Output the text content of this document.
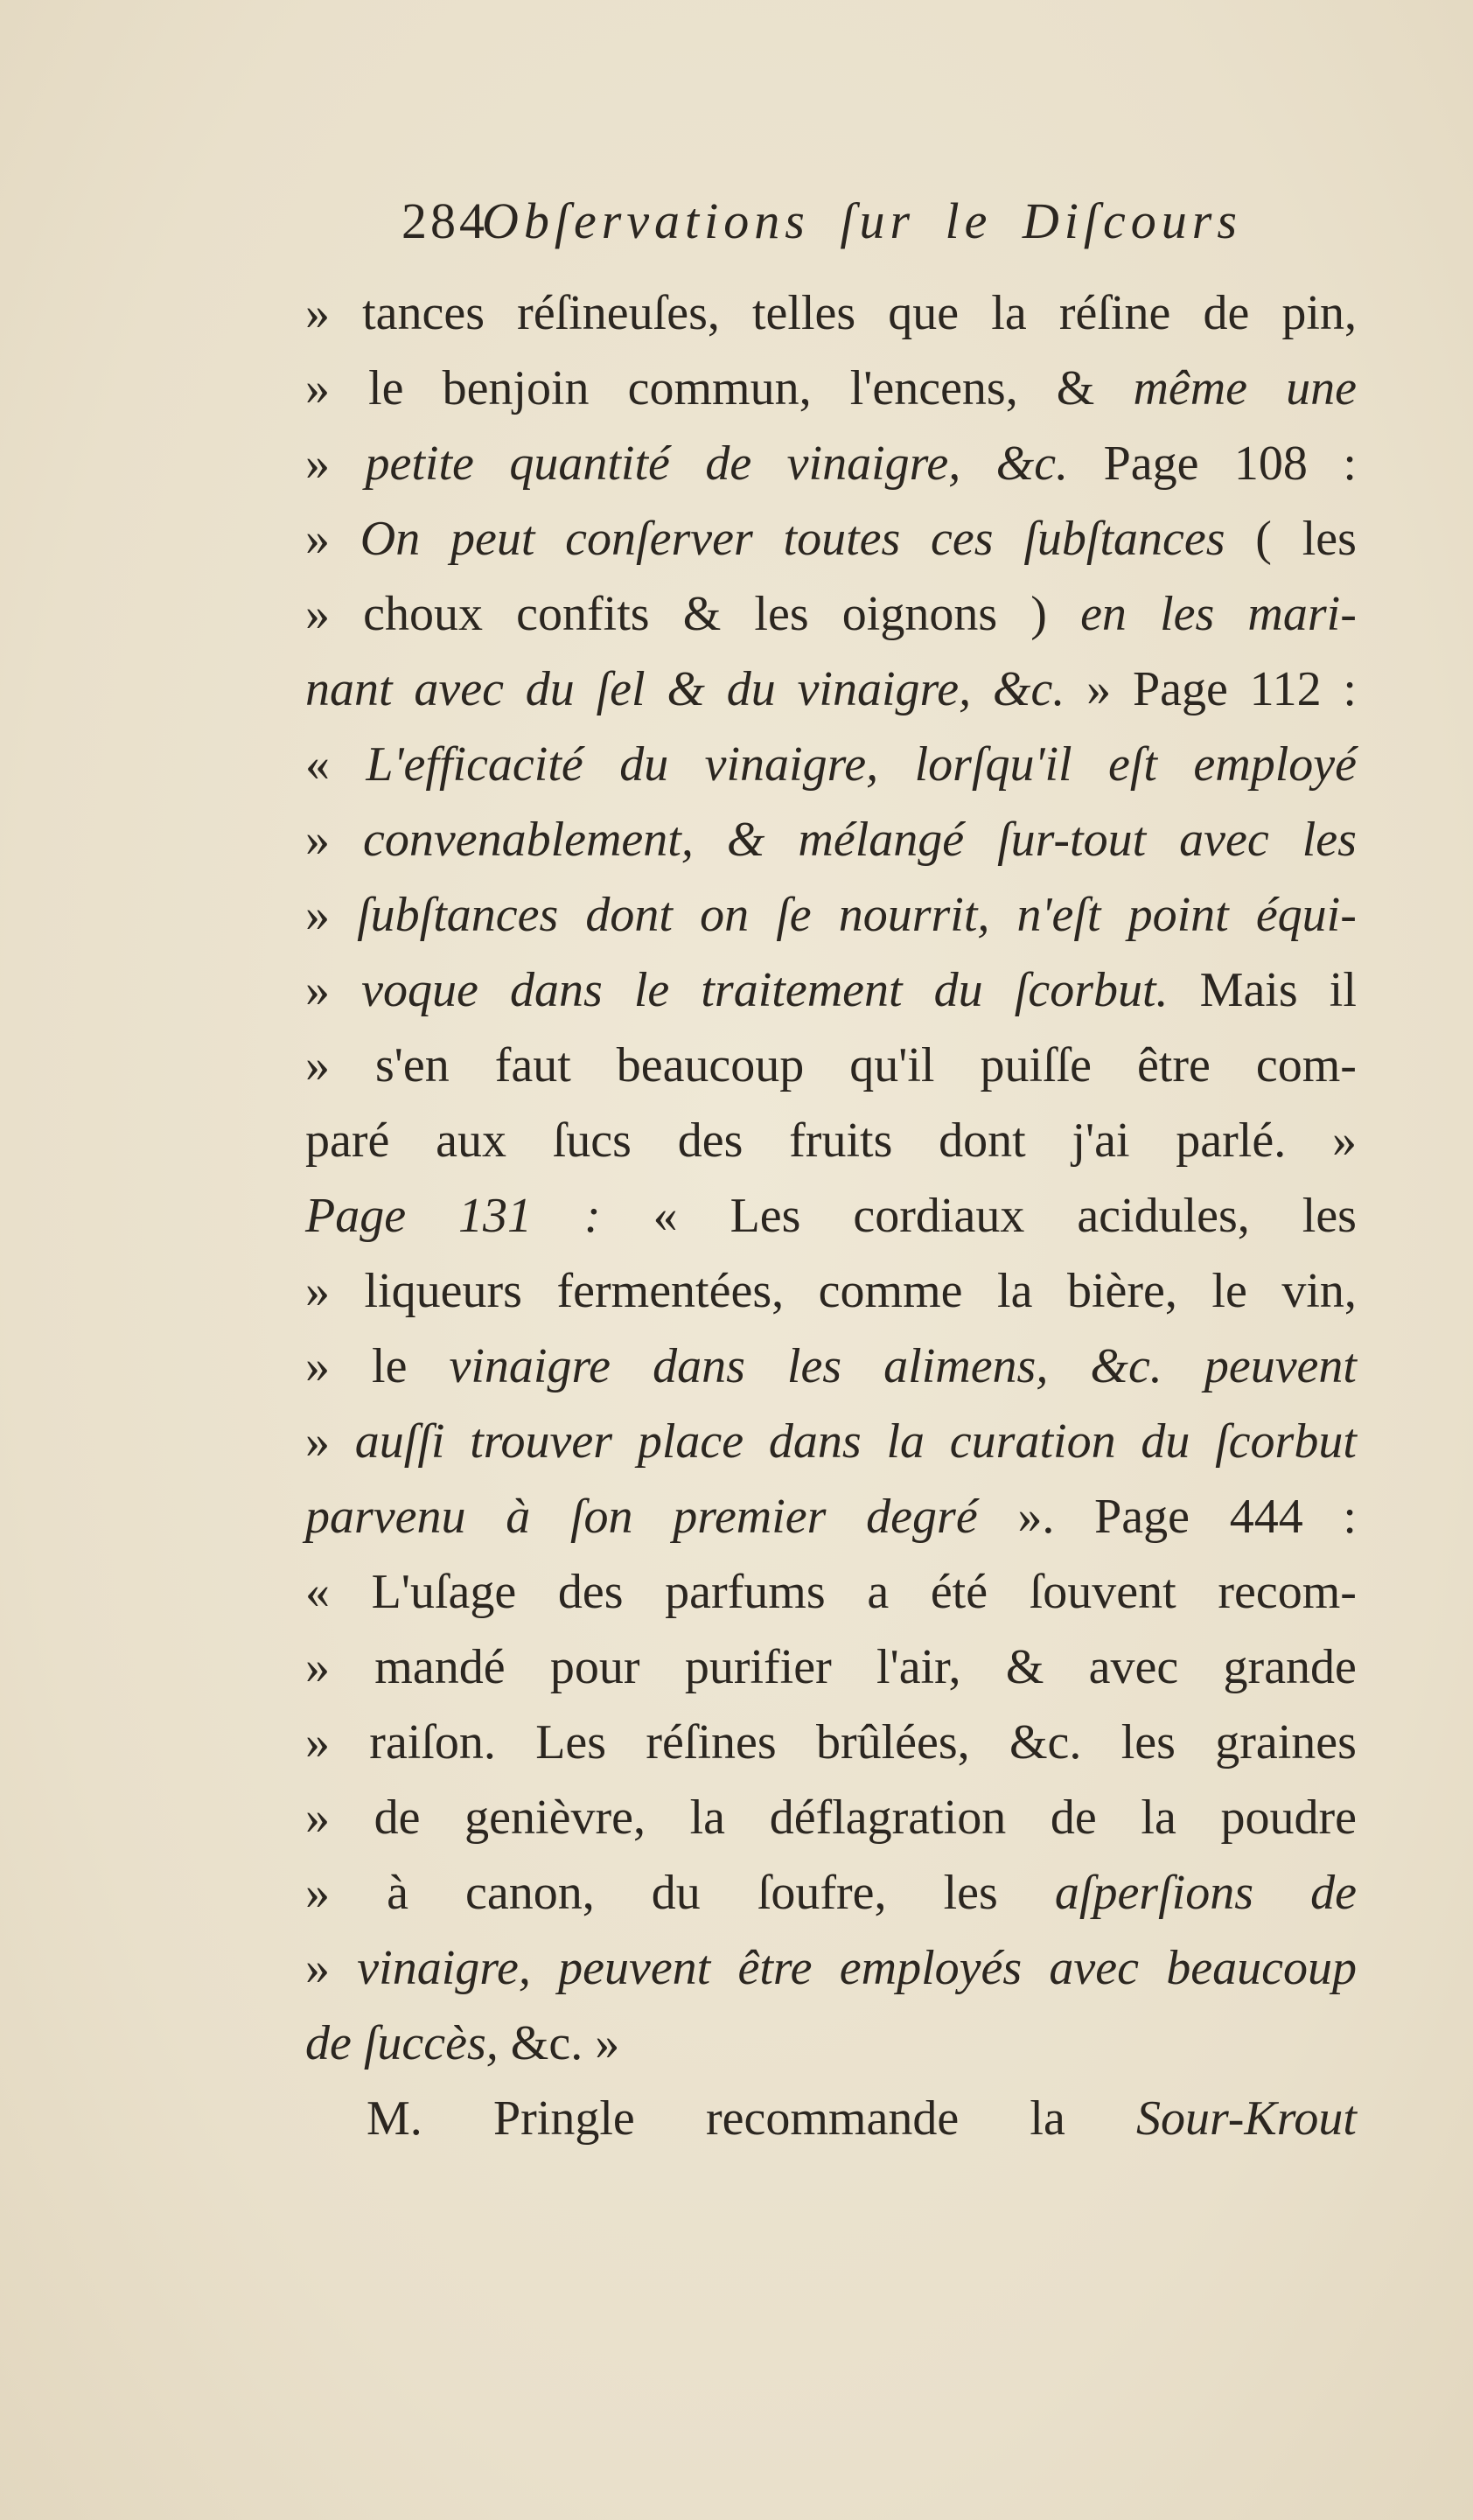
284
Obſervations ſur le Diſcours
» tances réſineuſes, telles que la réſine de pin,
» le benjoin commun, l'encens, & même une
» petite quantité de vinaigre, &c. Page 108 :
» On peut conſerver toutes ces ſubſtances ( les
» choux confits & les oignons ) en les mari-
nant avec du ſel & du vinaigre, &c. » Page 112 :
« L'efficacité du vinaigre, lorſqu'il eſt employé
» convenablement, & mélangé ſur-tout avec les
» ſubſtances dont on ſe nourrit, n'eſt point équi-
» voque dans le traitement du ſcorbut. Mais il
» s'en faut beaucoup qu'il puiſſe être com-
paré aux ſucs des fruits dont j'ai parlé. »
Page 131 : « Les cordiaux acidules, les
» liqueurs fermentées, comme la bière, le vin,
» le vinaigre dans les alimens, &c. peuvent
» auſſi trouver place dans la curation du ſcorbut
parvenu à ſon premier degré ». Page 444 :
« L'uſage des parfums a été ſouvent recom-
» mandé pour purifier l'air, & avec grande
» raiſon. Les réſines brûlées, &c. les graines
» de genièvre, la déflagration de la poudre
» à canon, du ſoufre, les aſperſions de
» vinaigre, peuvent être employés avec beaucoup
de ſuccès, &c. »
M. Pringle recommande la Sour-Krout
